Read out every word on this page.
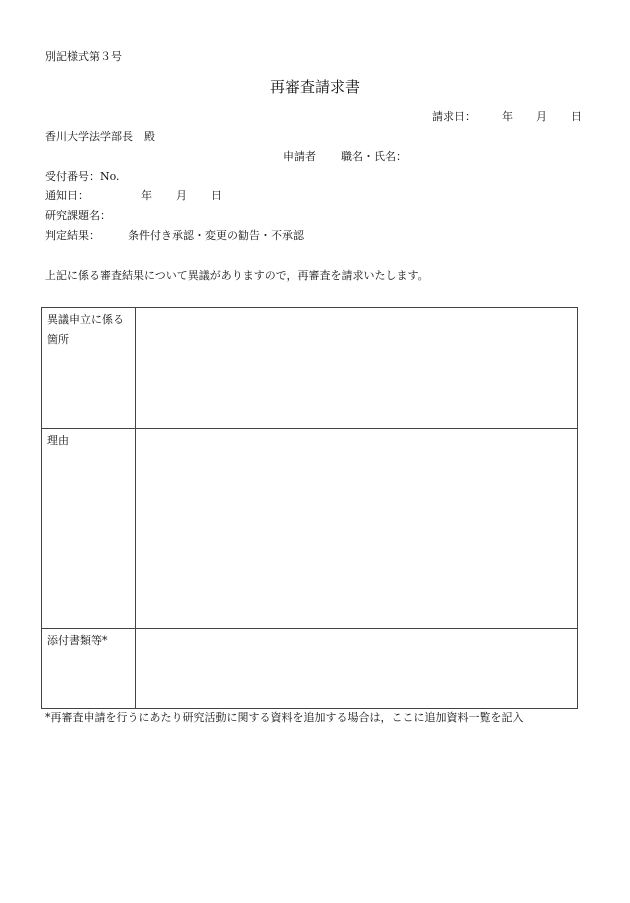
別記様式第３号
再審査請求書
請求日： 年 月 日
香川大学法学部長　殿
申請者 職名・氏名：
受付番号：No.
通知日：	年 月 日
研究課題名：
判定結果：	条件付き承認・変更の勧告・不承認
上記に係る審査結果について異議がありますので，再審査を請求いたします。
異議申立に係る箇所	
理由	
添付書類等*	
*再審査申請を行うにあたり研究活動に関する資料を追加する場合は，ここに追加資料一覧を記入
